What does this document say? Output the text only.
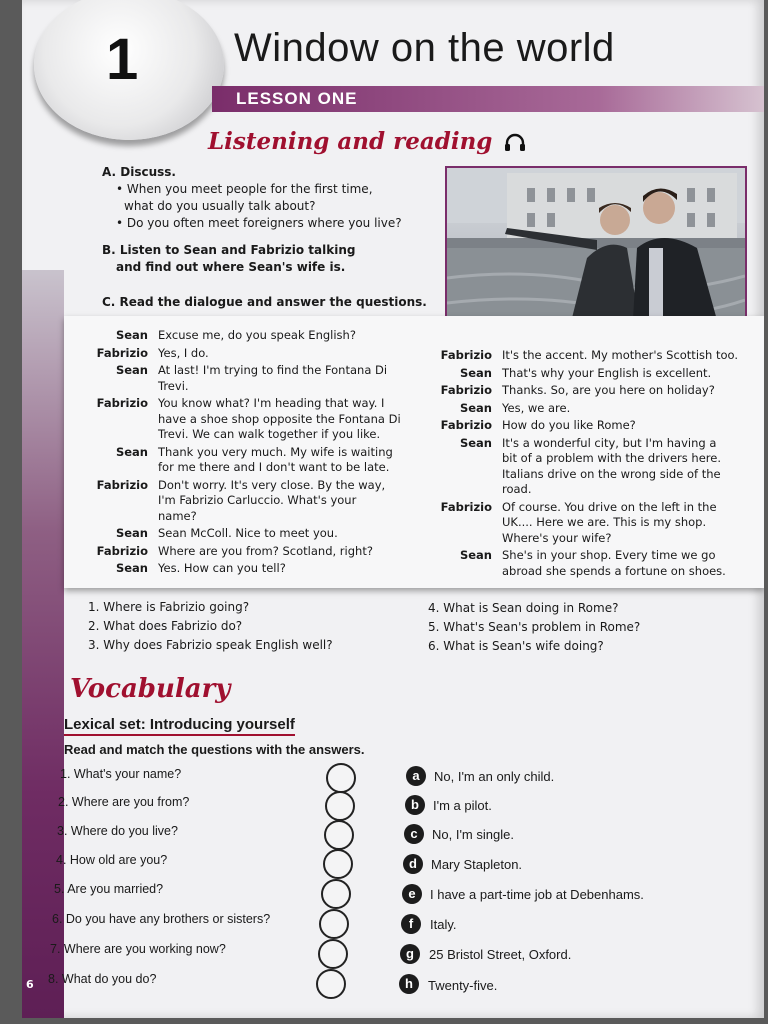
1 Window on the world
LESSON ONE
Listening and reading

A. Discuss.

• When you meet people for the first time,

what do you usually talk about?

• Do you often meet foreigners where you live?

B. Listen to Sean and Fabrizio talking

and find out where Sean's wife is.

C. Read the dialogue and answer the questions.

Sean Excuse me, do you speak English?
Fabrizio Yes, I do.
Sean At last! I'm trying to find the Fontana Di
Trevi.
Fabrizio You know what? I'm heading that way. I
have a shoe shop opposite the Fontana Di
Trevi. We can walk together if you like.
Sean Thank you very much. My wife is waiting
for me there and I don't want to be late.
Fabrizio Don't worry. It's very close. By the way,
I'm Fabrizio Carluccio. What's your
name?
Sean Sean McColl. Nice to meet you.
Fabrizio Where are you from? Scotland, right?
Sean Yes. How can you tell?
Fabrizio It's the accent. My mother's Scottish too.
Sean That's why your English is excellent.
Fabrizio Thanks. So, are you here on holiday?
Sean Yes, we are.
Fabrizio How do you like Rome?
Sean It's a wonderful city, but I'm having a
bit of a problem with the drivers here.
Italians drive on the wrong side of the
road.
Fabrizio Of course. You drive on the left in the
UK.... Here we are. This is my shop.
Where's your wife?
Sean She's in your shop. Every time we go
abroad she spends a fortune on shoes.

1. Where is Fabrizio going?

2. What does Fabrizio do?

3. Why does Fabrizio speak English well?

4. What is Sean doing in Rome?

5. What's Sean's problem in Rome?

6. What is Sean's wife doing?

Vocabulary
Lexical set: Introducing yourself
Read and match the questions with the answers.
1. What's your name?
2. Where are you from?
3. Where do you live?
4. How old are you?
5. Are you married?
6. Do you have any brothers or sisters?
7. Where are you working now?
8. What do you do?
a	No, I'm an only child.
b	I'm a pilot.
c	No, I'm single.
d	Mary Stapleton.
e	I have a part-time job at Debenhams.
f	Italy.
g	25 Bristol Street, Oxford.
h	Twenty-five.
6
